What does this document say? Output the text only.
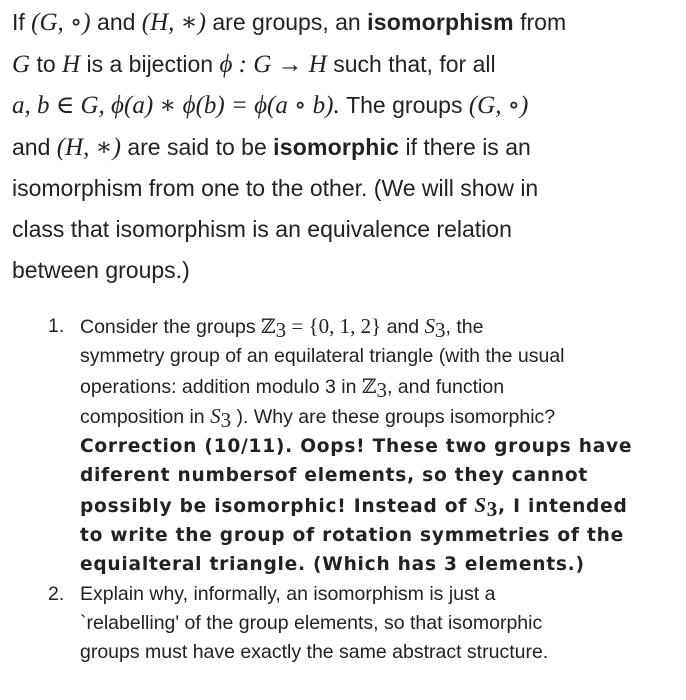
If (G, ∘) and (H, ∗) are groups, an isomorphism from
G to H is a bijection ϕ : G → H such that, for all
a, b ∈ G, ϕ(a) ∗ ϕ(b) = ϕ(a ∘ b). The groups (G, ∘)
and (H, ∗) are said to be isomorphic if there is an
isomorphism from one to the other. (We will show in
class that isomorphism is an equivalence relation
between groups.)

1. Consider the groups ℤ3 = {0, 1, 2} and S3, the
symmetry group of an equilateral triangle (with the usual
operations: addition modulo 3 in ℤ3, and function
composition in S3 ). Why are these groups isomorphic?
Correction (10/11). Oops! These two groups have
diferent numbersof elements, so they cannot
possibly be isomorphic! Instead of S3, I intended
to write the group of rotation symmetries of the
equialteral triangle. (Which has 3 elements.)
2. Explain why, informally, an isomorphism is just a
`relabelling' of the group elements, so that isomorphic
groups must have exactly the same abstract structure.
